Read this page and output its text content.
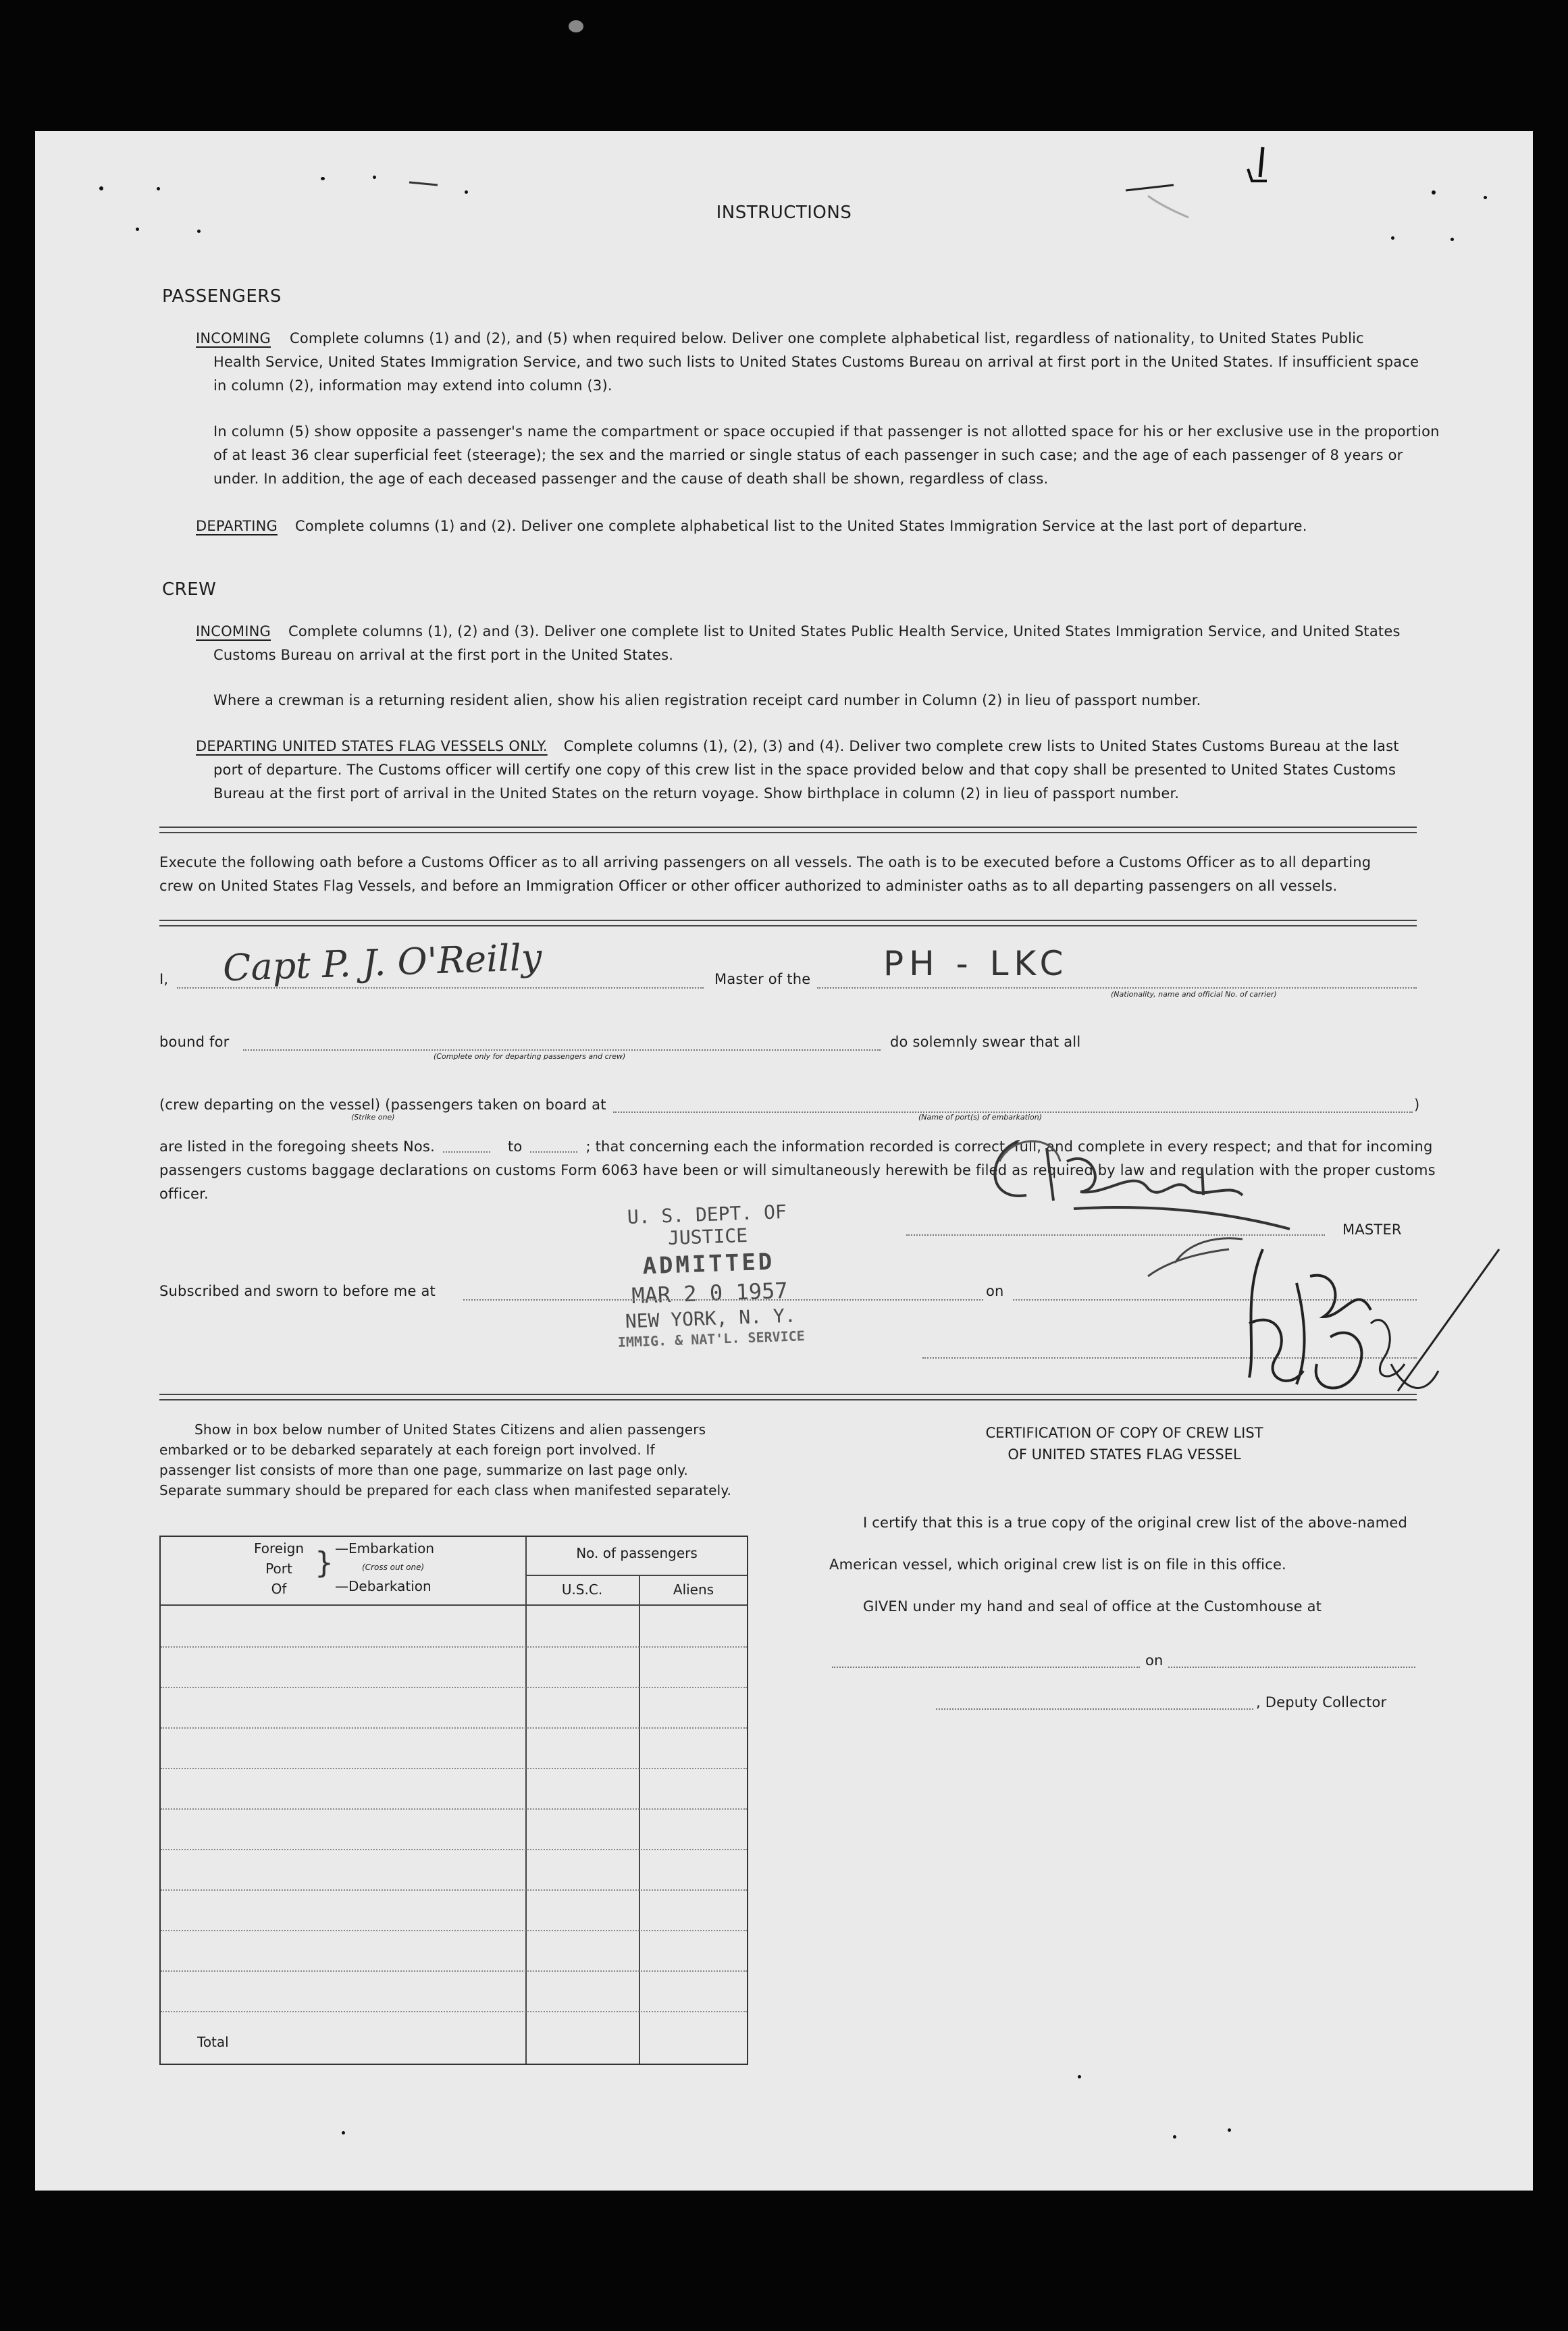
INSTRUCTIONS
PASSENGERS
INCOMING Complete columns (1) and (2), and (5) when required below. Deliver one complete alphabetical list, regardless of nationality, to United States Public
Health Service, United States Immigration Service, and two such lists to United States Customs Bureau on arrival at first port in the United States. If insufficient space
in column (2), information may extend into column (3).
In column (5) show opposite a passenger's name the compartment or space occupied if that passenger is not allotted space for his or her exclusive use in the proportion
of at least 36 clear superficial feet (steerage); the sex and the married or single status of each passenger in such case; and the age of each passenger of 8 years or
under. In addition, the age of each deceased passenger and the cause of death shall be shown, regardless of class.
DEPARTING Complete columns (1) and (2). Deliver one complete alphabetical list to the United States Immigration Service at the last port of departure.
CREW
INCOMING Complete columns (1), (2) and (3). Deliver one complete list to United States Public Health Service, United States Immigration Service, and United States
Customs Bureau on arrival at the first port in the United States.
Where a crewman is a returning resident alien, show his alien registration receipt card number in Column (2) in lieu of passport number.
DEPARTING UNITED STATES FLAG VESSELS ONLY. Complete columns (1), (2), (3) and (4). Deliver two complete crew lists to United States Customs Bureau at the last
port of departure. The Customs officer will certify one copy of this crew list in the space provided below and that copy shall be presented to United States Customs
Bureau at the first port of arrival in the United States on the return voyage. Show birthplace in column (2) in lieu of passport number.
Execute the following oath before a Customs Officer as to all arriving passengers on all vessels. The oath is to be executed before a Customs Officer as to all departing
crew on United States Flag Vessels, and before an Immigration Officer or other officer authorized to administer oaths as to all departing passengers on all vessels.
I, Capt P. J. O'Reilly	Master of the PH - LKC
(Nationality, name and official No. of carrier)
bound for
(Complete only for departing passengers and crew)
do solemnly swear that all
(crew departing on the vessel) (passengers taken on board at	)
(Strike one)	(Name of port(s) of embarkation)
are listed in the foregoing sheets Nos.	to	; that concerning each the information recorded is correct, full, and complete in every respect; and that for incoming
passengers customs baggage declarations on customs Form 6063 have been or will simultaneously herewith be filed as required by law and regulation with the proper customs
officer.
MASTER
U. S. DEPT. OF JUSTICE
ADMITTED
MAR 2 0 1957
NEW YORK, N. Y.
IMMIG. & NAT'L. SERVICE
Subscribed and sworn to before me at	on
Show in box below number of United States Citizens and alien passengers
embarked or to be debarked separately at each foreign port involved. If
passenger list consists of more than one page, summarize on last page only.
Separate summary should be prepared for each class when manifested separately.
Foreign
Port
Of
} —Embarkation
(Cross out one)
—Debarkation
No. of passengers
U.S.C.	Aliens
Total
CERTIFICATION OF COPY OF CREW LIST
OF UNITED STATES FLAG VESSEL
I certify that this is a true copy of the original crew list of the above-named
American vessel, which original crew list is on file in this office.
GIVEN under my hand and seal of office at the Customhouse at
on
, Deputy Collector
